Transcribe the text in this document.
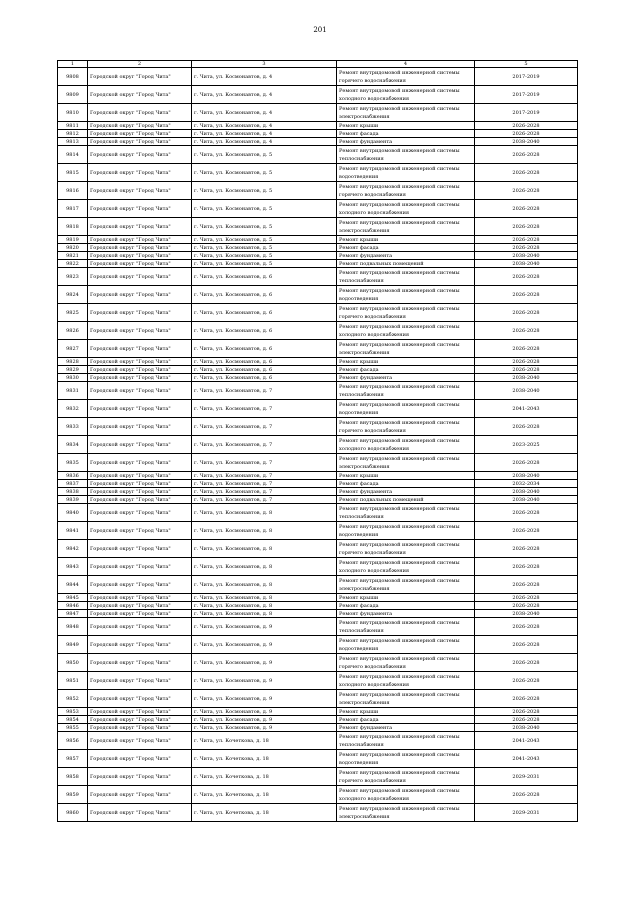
201
1	2	3	4	5
9808	Городской округ "Город Чита"	г. Чита, ул. Космонавтов, д. 4	Ремонт внутридомовой инженерной системы горячего водоснабжения	2017-2019
9809	Городской округ "Город Чита"	г. Чита, ул. Космонавтов, д. 4	Ремонт внутридомовой инженерной системы холодного водоснабжения	2017-2019
9810	Городской округ "Город Чита"	г. Чита, ул. Космонавтов, д. 4	Ремонт внутридомовой инженерной системы электроснабжения	2017-2019
9811	Городской округ "Город Чита"	г. Чита, ул. Космонавтов, д. 4	Ремонт крыши	2026-2028
9812	Городской округ "Город Чита"	г. Чита, ул. Космонавтов, д. 4	Ремонт фасада	2026-2028
9813	Городской округ "Город Чита"	г. Чита, ул. Космонавтов, д. 4	Ремонт фундамента	2038-2040
9814	Городской округ "Город Чита"	г. Чита, ул. Космонавтов, д. 5	Ремонт внутридомовой инженерной системы теплоснабжения	2026-2028
9815	Городской округ "Город Чита"	г. Чита, ул. Космонавтов, д. 5	Ремонт внутридомовой инженерной системы водоотведения	2026-2028
9816	Городской округ "Город Чита"	г. Чита, ул. Космонавтов, д. 5	Ремонт внутридомовой инженерной системы горячего водоснабжения	2026-2028
9817	Городской округ "Город Чита"	г. Чита, ул. Космонавтов, д. 5	Ремонт внутридомовой инженерной системы холодного водоснабжения	2026-2028
9818	Городской округ "Город Чита"	г. Чита, ул. Космонавтов, д. 5	Ремонт внутридомовой инженерной системы электроснабжения	2026-2028
9819	Городской округ "Город Чита"	г. Чита, ул. Космонавтов, д. 5	Ремонт крыши	2026-2028
9820	Городской округ "Город Чита"	г. Чита, ул. Космонавтов, д. 5	Ремонт фасада	2026-2028
9821	Городской округ "Город Чита"	г. Чита, ул. Космонавтов, д. 5	Ремонт фундамента	2038-2040
9822	Городской округ "Город Чита"	г. Чита, ул. Космонавтов, д. 5	Ремонт подвальных помещений	2038-2040
9823	Городской округ "Город Чита"	г. Чита, ул. Космонавтов, д. 6	Ремонт внутридомовой инженерной системы теплоснабжения	2026-2028
9824	Городской округ "Город Чита"	г. Чита, ул. Космонавтов, д. 6	Ремонт внутридомовой инженерной системы водоотведения	2026-2028
9825	Городской округ "Город Чита"	г. Чита, ул. Космонавтов, д. 6	Ремонт внутридомовой инженерной системы горячего водоснабжения	2026-2028
9826	Городской округ "Город Чита"	г. Чита, ул. Космонавтов, д. 6	Ремонт внутридомовой инженерной системы холодного водоснабжения	2026-2028
9827	Городской округ "Город Чита"	г. Чита, ул. Космонавтов, д. 6	Ремонт внутридомовой инженерной системы электроснабжения	2026-2028
9828	Городской округ "Город Чита"	г. Чита, ул. Космонавтов, д. 6	Ремонт крыши	2026-2028
9829	Городской округ "Город Чита"	г. Чита, ул. Космонавтов, д. 6	Ремонт фасада	2026-2028
9830	Городской округ "Город Чита"	г. Чита, ул. Космонавтов, д. 6	Ремонт фундамента	2038-2040
9831	Городской округ "Город Чита"	г. Чита, ул. Космонавтов, д. 7	Ремонт внутридомовой инженерной системы теплоснабжения	2038-2040
9832	Городской округ "Город Чита"	г. Чита, ул. Космонавтов, д. 7	Ремонт внутридомовой инженерной системы водоотведения	2041-2043
9833	Городской округ "Город Чита"	г. Чита, ул. Космонавтов, д. 7	Ремонт внутридомовой инженерной системы горячего водоснабжения	2026-2028
9834	Городской округ "Город Чита"	г. Чита, ул. Космонавтов, д. 7	Ремонт внутридомовой инженерной системы холодного водоснабжения	2023-2025
9835	Городской округ "Город Чита"	г. Чита, ул. Космонавтов, д. 7	Ремонт внутридомовой инженерной системы электроснабжения	2026-2028
9836	Городской округ "Город Чита"	г. Чита, ул. Космонавтов, д. 7	Ремонт крыши	2038-2040
9837	Городской округ "Город Чита"	г. Чита, ул. Космонавтов, д. 7	Ремонт фасада	2032-2034
9838	Городской округ "Город Чита"	г. Чита, ул. Космонавтов, д. 7	Ремонт фундамента	2038-2040
9839	Городской округ "Город Чита"	г. Чита, ул. Космонавтов, д. 7	Ремонт подвальных помещений	2038-2040
9840	Городской округ "Город Чита"	г. Чита, ул. Космонавтов, д. 8	Ремонт внутридомовой инженерной системы теплоснабжения	2026-2028
9841	Городской округ "Город Чита"	г. Чита, ул. Космонавтов, д. 8	Ремонт внутридомовой инженерной системы водоотведения	2026-2028
9842	Городской округ "Город Чита"	г. Чита, ул. Космонавтов, д. 8	Ремонт внутридомовой инженерной системы горячего водоснабжения	2026-2028
9843	Городской округ "Город Чита"	г. Чита, ул. Космонавтов, д. 8	Ремонт внутридомовой инженерной системы холодного водоснабжения	2026-2028
9844	Городской округ "Город Чита"	г. Чита, ул. Космонавтов, д. 8	Ремонт внутридомовой инженерной системы электроснабжения	2026-2028
9845	Городской округ "Город Чита"	г. Чита, ул. Космонавтов, д. 8	Ремонт крыши	2026-2028
9846	Городской округ "Город Чита"	г. Чита, ул. Космонавтов, д. 8	Ремонт фасада	2026-2028
9847	Городской округ "Город Чита"	г. Чита, ул. Космонавтов, д. 8	Ремонт фундамента	2038-2040
9848	Городской округ "Город Чита"	г. Чита, ул. Космонавтов, д. 9	Ремонт внутридомовой инженерной системы теплоснабжения	2026-2028
9849	Городской округ "Город Чита"	г. Чита, ул. Космонавтов, д. 9	Ремонт внутридомовой инженерной системы водоотведения	2026-2028
9850	Городской округ "Город Чита"	г. Чита, ул. Космонавтов, д. 9	Ремонт внутридомовой инженерной системы горячего водоснабжения	2026-2028
9851	Городской округ "Город Чита"	г. Чита, ул. Космонавтов, д. 9	Ремонт внутридомовой инженерной системы холодного водоснабжения	2026-2028
9852	Городской округ "Город Чита"	г. Чита, ул. Космонавтов, д. 9	Ремонт внутридомовой инженерной системы электроснабжения	2026-2028
9853	Городской округ "Город Чита"	г. Чита, ул. Космонавтов, д. 9	Ремонт крыши	2026-2028
9854	Городской округ "Город Чита"	г. Чита, ул. Космонавтов, д. 9	Ремонт фасада	2026-2028
9855	Городской округ "Город Чита"	г. Чита, ул. Космонавтов, д. 9	Ремонт фундамента	2038-2040
9856	Городской округ "Город Чита"	г. Чита, ул. Кочеткова, д. 18	Ремонт внутридомовой инженерной системы теплоснабжения	2041-2043
9857	Городской округ "Город Чита"	г. Чита, ул. Кочеткова, д. 18	Ремонт внутридомовой инженерной системы водоотведения	2041-2043
9858	Городской округ "Город Чита"	г. Чита, ул. Кочеткова, д. 18	Ремонт внутридомовой инженерной системы горячего водоснабжения	2029-2031
9859	Городской округ "Город Чита"	г. Чита, ул. Кочеткова, д. 18	Ремонт внутридомовой инженерной системы холодного водоснабжения	2026-2028
9860	Городской округ "Город Чита"	г. Чита, ул. Кочеткова, д. 18	Ремонт внутридомовой инженерной системы электроснабжения	2029-2031
